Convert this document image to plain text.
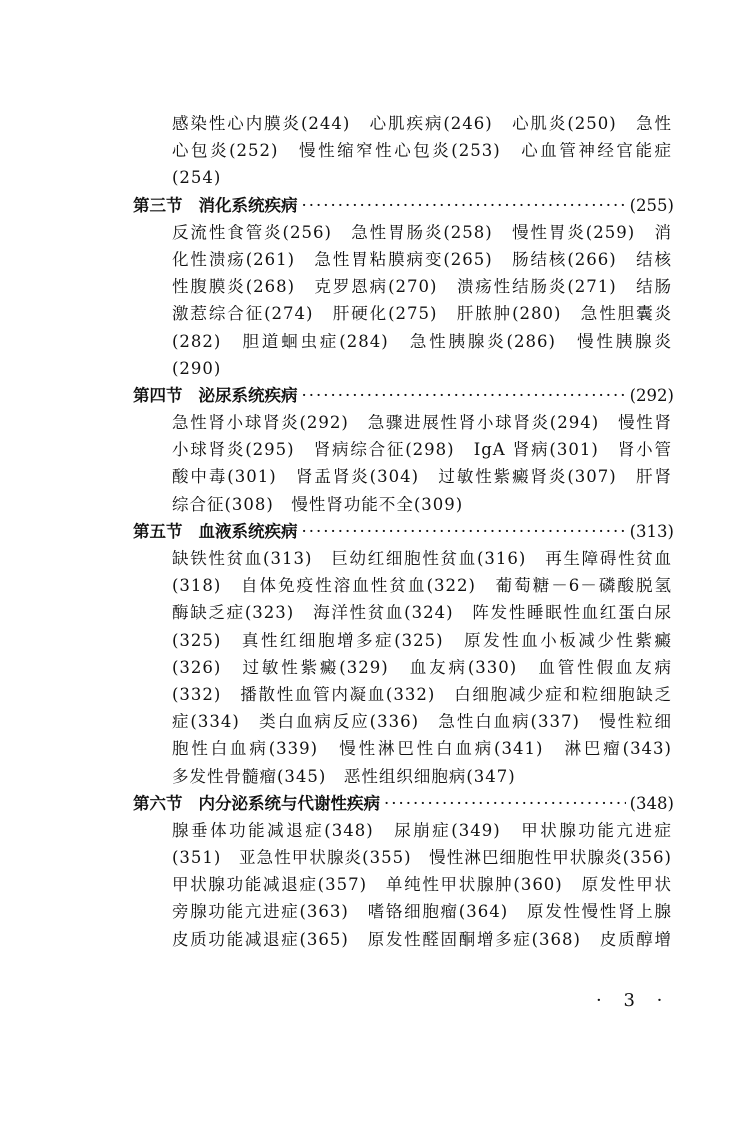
感染性心内膜炎(244)　心肌疾病(246)　心肌炎(250)　急性
心包炎(252)　慢性缩窄性心包炎(253)　心血管神经官能症
(254)
第三节 消化系统疾病 ·····	(255)
反流性食管炎(256)　急性胃肠炎(258)　慢性胃炎(259)　消
化性溃疡(261)　急性胃粘膜病变(265)　肠结核(266)　结核
性腹膜炎(268)　克罗恩病(270)　溃疡性结肠炎(271)　结肠
激惹综合征(274)　肝硬化(275)　肝脓肿(280)　急性胆囊炎
(282)　胆道蛔虫症(284)　急性胰腺炎(286)　慢性胰腺炎
(290)
第四节 泌尿系统疾病 ·····	(292)
急性肾小球肾炎(292)　急骤进展性肾小球肾炎(294)　慢性肾
小球肾炎(295)　肾病综合征(298)　IgA 肾病(301)　肾小管
酸中毒(301)　肾盂肾炎(304)　过敏性紫癜肾炎(307)　肝肾
综合征(308)　慢性肾功能不全(309)
第五节 血液系统疾病 ·····	(313)
缺铁性贫血(313)　巨幼红细胞性贫血(316)　再生障碍性贫血
(318)　自体免疫性溶血性贫血(322)　葡萄糖－6－磷酸脱氢
酶缺乏症(323)　海洋性贫血(324)　阵发性睡眠性血红蛋白尿
(325)　真性红细胞增多症(325)　原发性血小板减少性紫癜
(326)　过敏性紫癜(329)　血友病(330)　血管性假血友病
(332)　播散性血管内凝血(332)　白细胞减少症和粒细胞缺乏
症(334)　类白血病反应(336)　急性白血病(337)　慢性粒细
胞性白血病(339)　慢性淋巴性白血病(341)　淋巴瘤(343)
多发性骨髓瘤(345)　恶性组织细胞病(347)
第六节 内分泌系统与代谢性疾病 ·····	(348)
腺垂体功能减退症(348)　尿崩症(349)　甲状腺功能亢进症
(351)　亚急性甲状腺炎(355)　慢性淋巴细胞性甲状腺炎(356)
甲状腺功能减退症(357)　单纯性甲状腺肿(360)　原发性甲状
旁腺功能亢进症(363)　嗜铬细胞瘤(364)　原发性慢性肾上腺
皮质功能减退症(365)　原发性醛固酮增多症(368)　皮质醇增
· 3 ·
